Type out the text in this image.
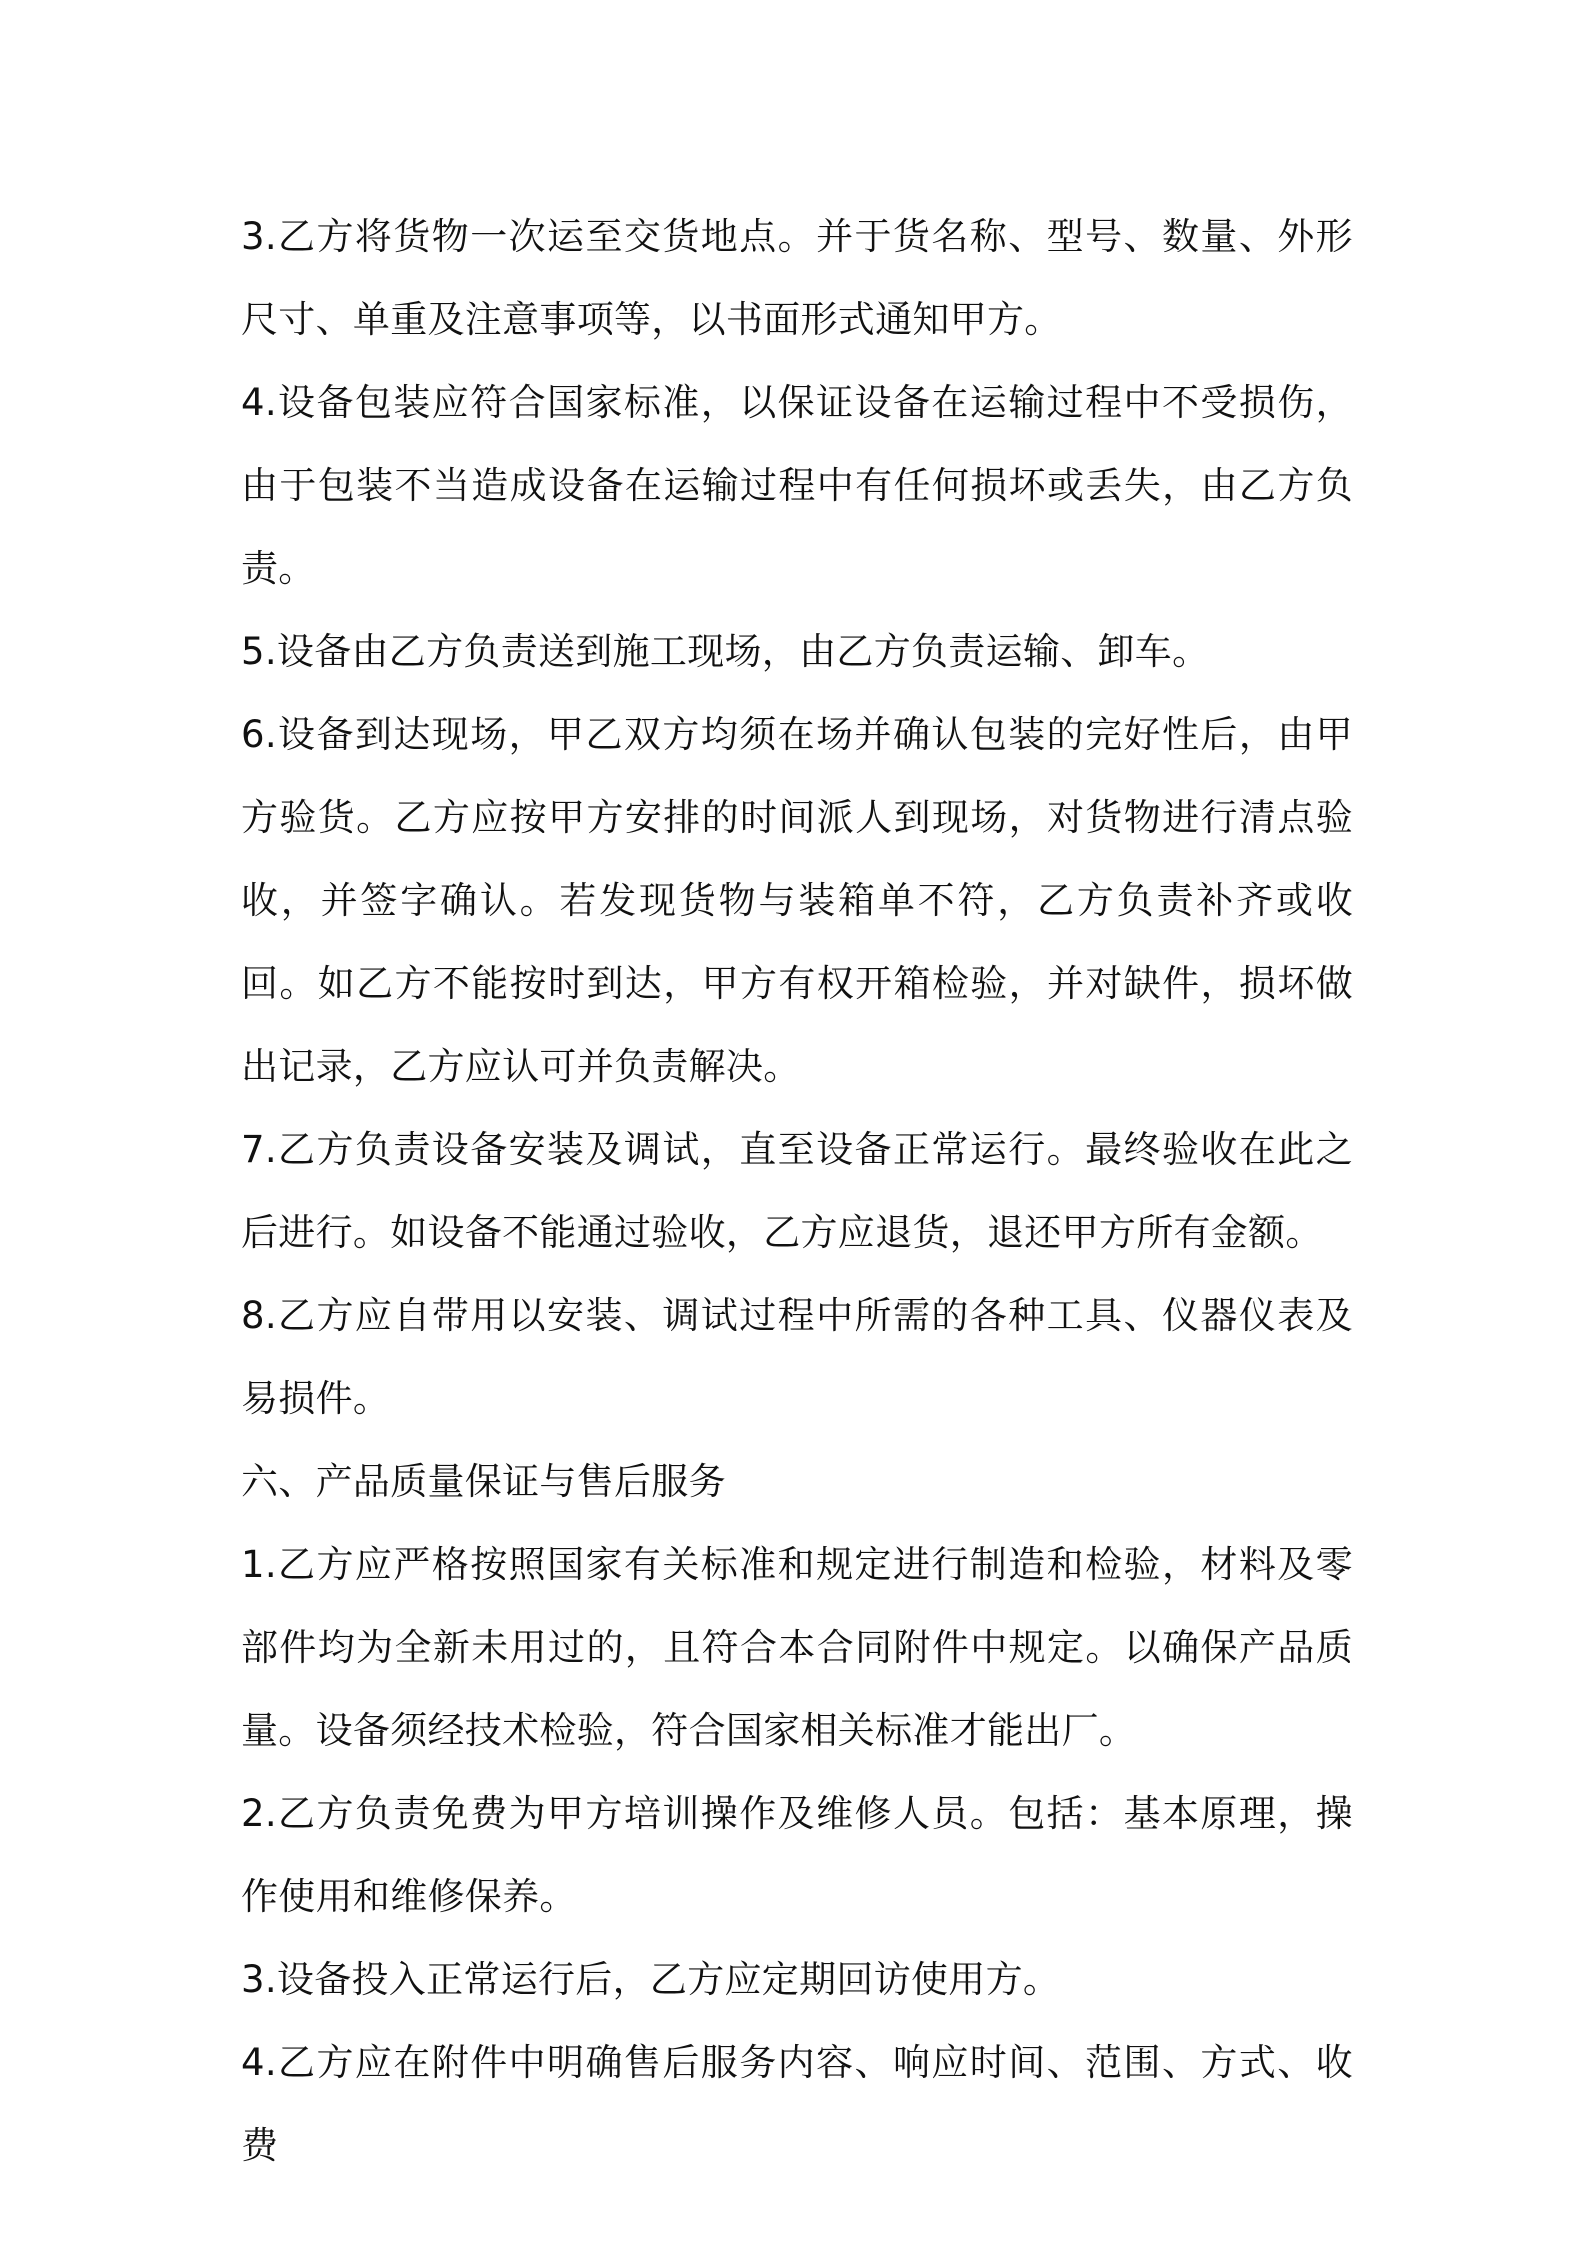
3.乙方将货物一次运至交货地点。并于货名称、型号、数量、外形尺寸、单重及注意事项等，以书面形式通知甲方。

4.设备包装应符合国家标准，以保证设备在运输过程中不受损伤，由于包装不当造成设备在运输过程中有任何损坏或丢失，由乙方负责。

5.设备由乙方负责送到施工现场，由乙方负责运输、卸车。

6.设备到达现场，甲乙双方均须在场并确认包装的完好性后，由甲方验货。乙方应按甲方安排的时间派人到现场，对货物进行清点验收，并签字确认。若发现货物与装箱单不符，乙方负责补齐或收回。如乙方不能按时到达，甲方有权开箱检验，并对缺件，损坏做出记录，乙方应认可并负责解决。

7.乙方负责设备安装及调试，直至设备正常运行。最终验收在此之后进行。如设备不能通过验收，乙方应退货，退还甲方所有金额。

8.乙方应自带用以安装、调试过程中所需的各种工具、仪器仪表及易损件。

六、产品质量保证与售后服务

1.乙方应严格按照国家有关标准和规定进行制造和检验，材料及零部件均为全新未用过的，且符合本合同附件中规定。以确保产品质量。设备须经技术检验，符合国家相关标准才能出厂。

2.乙方负责免费为甲方培训操作及维修人员。包括：基本原理，操作使用和维修保养。

3.设备投入正常运行后，乙方应定期回访使用方。

4.乙方应在附件中明确售后服务内容、响应时间、范围、方式、收费
